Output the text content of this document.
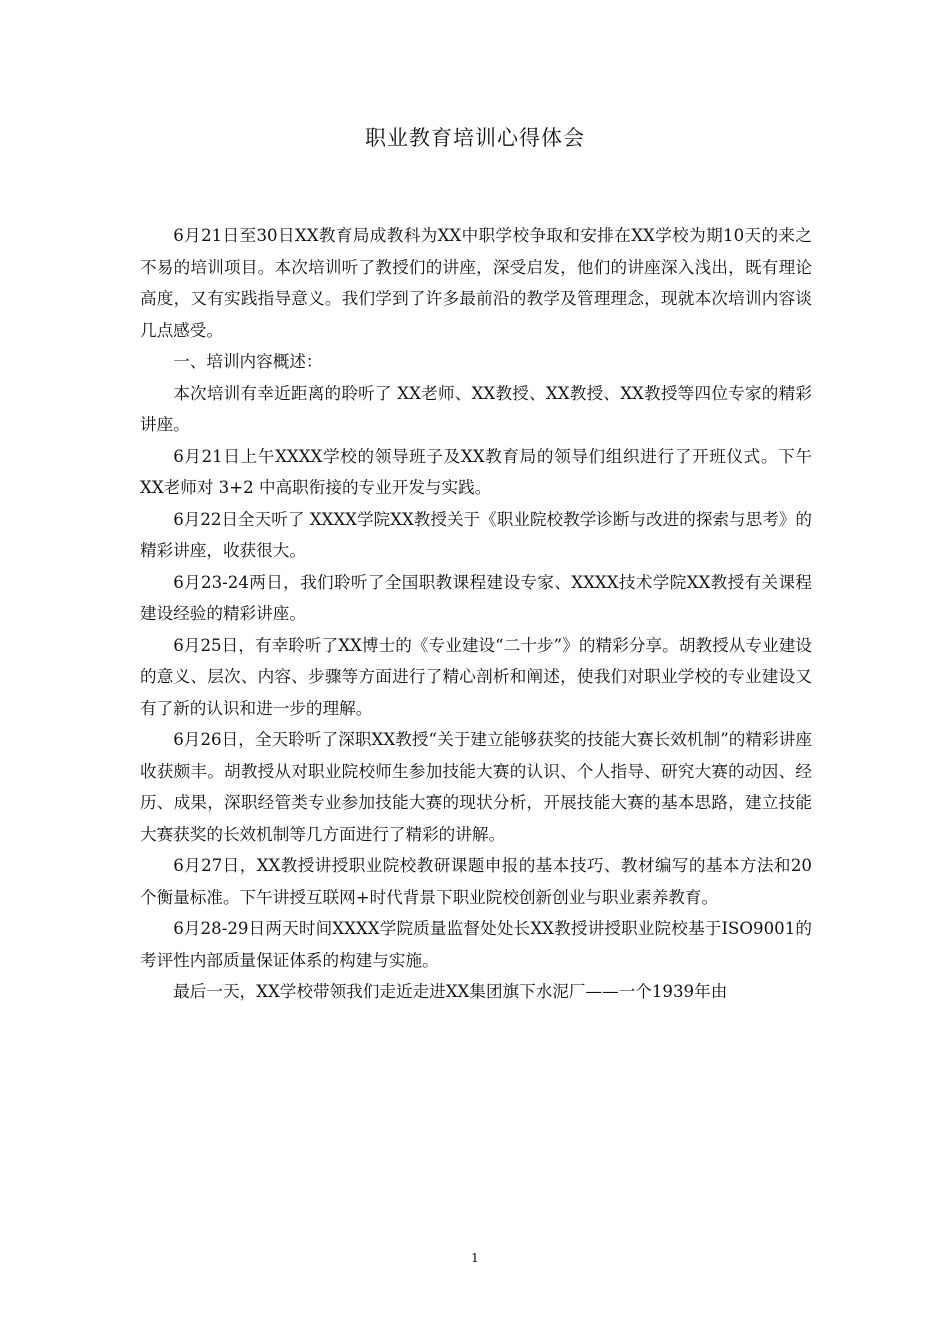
职业教育培训心得体会

6月21日至30日XX教育局成教科为XX中职学校争取和安排在XX学校为期10天的来之不易的培训项目。本次培训听了教授们的讲座，深受启发，他们的讲座深入浅出，既有理论高度，又有实践指导意义。我们学到了许多最前沿的教学及管理理念，现就本次培训内容谈几点感受。

一、培训内容概述：

本次培训有幸近距离的聆听了 XX老师、XX教授、XX教授、XX教授等四位专家的精彩讲座。

6月21日上午XXXX学校的领导班子及XX教育局的领导们组织进行了开班仪式。下午XX老师对 3+2 中高职衔接的专业开发与实践。

6月22日全天听了 XXXX学院XX教授关于《职业院校教学诊断与改进的探索与思考》的精彩讲座，收获很大。

6月23-24两日，我们聆听了全国职教课程建设专家、XXXX技术学院XX教授有关课程建设经验的精彩讲座。

6月25日，有幸聆听了XX博士的《专业建设“二十步”》的精彩分享。胡教授从专业建设的意义、层次、内容、步骤等方面进行了精心剖析和阐述，使我们对职业学校的专业建设又有了新的认识和进一步的理解。

6月26日，全天聆听了深职XX教授“关于建立能够获奖的技能大赛长效机制”的精彩讲座收获颇丰。胡教授从对职业院校师生参加技能大赛的认识、个人指导、研究大赛的动因、经历、成果，深职经管类专业参加技能大赛的现状分析，开展技能大赛的基本思路，建立技能大赛获奖的长效机制等几方面进行了精彩的讲解。

6月27日，XX教授讲授职业院校教研课题申报的基本技巧、教材编写的基本方法和20个衡量标准。下午讲授互联网+时代背景下职业院校创新创业与职业素养教育。

6月28-29日两天时间XXXX学院质量监督处处长XX教授讲授职业院校基于ISO9001的考评性内部质量保证体系的构建与实施。

最后一天，XX学校带领我们走近走进XX集团旗下水泥厂——一个1939年由

1
